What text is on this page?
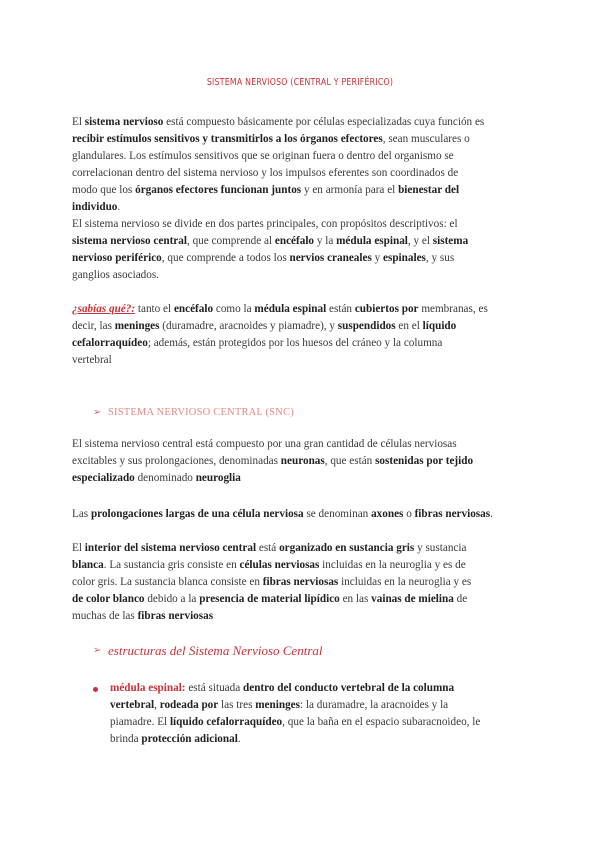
SISTEMA NERVIOSO (CENTRAL Y PERIFÉRICO)
El sistema nervioso está compuesto básicamente por células especializadas cuya función es
recibir estímulos sensitivos y transmitirlos a los órganos efectores, sean musculares o
glandulares. Los estímulos sensitivos que se originan fuera o dentro del organismo se
correlacionan dentro del sistema nervioso y los impulsos eferentes son coordinados de
modo que los órganos efectores funcionan juntos y en armonía para el bienestar del
individuo.
El sistema nervioso se divide en dos partes principales, con propósitos descriptivos: el
sistema nervioso central, que comprende al encéfalo y la médula espinal, y el sistema
nervioso periférico, que comprende a todos los nervios craneales y espinales, y sus
ganglios asociados.
¿sabías qué?: tanto el encéfalo como la médula espinal están cubiertos por membranas, es
decir, las meninges (duramadre, aracnoides y piamadre), y suspendidos en el líquido
cefalorraquídeo; además, están protegidos por los huesos del cráneo y la columna
vertebral
➢ SISTEMA NERVIOSO CENTRAL (SNC)
El sistema nervioso central está compuesto por una gran cantidad de células nerviosas
excitables y sus prolongaciones, denominadas neuronas, que están sostenidas por tejido
especializado denominado neuroglia
Las prolongaciones largas de una célula nerviosa se denominan axones o fibras nerviosas.
El interior del sistema nervioso central está organizado en sustancia gris y sustancia
blanca. La sustancia gris consiste en células nerviosas incluidas en la neuroglia y es de
color gris. La sustancia blanca consiste en fibras nerviosas incluidas en la neuroglia y es
de color blanco debido a la presencia de material lipídico en las vainas de mielina de
muchas de las fibras nerviosas
➢ estructuras del Sistema Nervioso Central
médula espinal: está situada dentro del conducto vertebral de la columna
vertebral, rodeada por las tres meninges: la duramadre, la aracnoides y la
piamadre. El líquido cefalorraquídeo, que la baña en el espacio subaracnoideo, le
brinda protección adicional.
